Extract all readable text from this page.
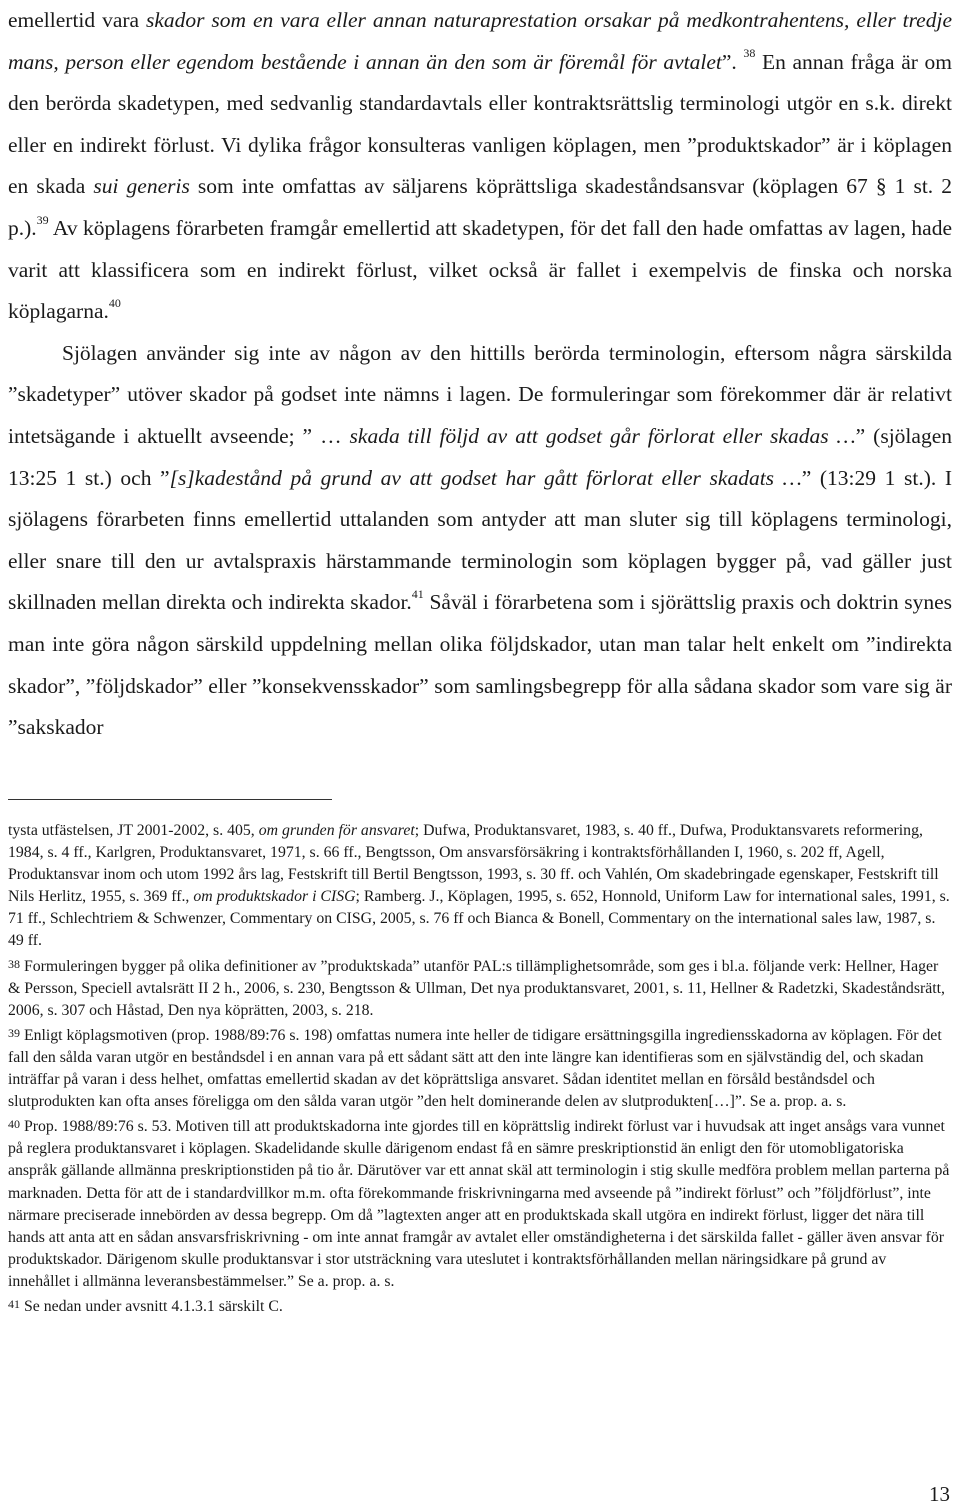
emellertid vara skador som en vara eller annan naturaprestation orsakar på medkontrahentens, eller tredje mans, person eller egendom bestående i annan än den som är föremål för avtalet”. $^{38}$ En annan fråga är om den berörda skadetypen, med sedvanlig standardavtals eller kontraktsrättslig terminologi utgör en s.k. direkt eller en indirekt förlust. Vi dylika frågor konsulteras vanligen köplagen, men ”produktskador” är i köplagen en skada sui generis som inte omfattas av säljarens köprättsliga skadeståndsansvar (köplagen 67 § 1 st. 2 p.).$^{39}$ Av köplagens förarbeten framgår emellertid att skadetypen, för det fall den hade omfattas av lagen, hade varit att klassificera som en indirekt förlust, vilket också är fallet i exempelvis de finska och norska köplagarna.$^{40}$

Sjölagen använder sig inte av någon av den hittills berörda terminologin, eftersom några särskilda ”skadetyper” utöver skador på godset inte nämns i lagen. De formuleringar som förekommer där är relativt intetsägande i aktuellt avseende; ” … skada till följd av att godset går förlorat eller skadas …” (sjölagen 13:25 1 st.) och ”[s]kadestånd på grund av att godset har gått förlorat eller skadats …” (13:29 1 st.). I sjölagens förarbeten finns emellertid uttalanden som antyder att man sluter sig till köplagens terminologi, eller snare till den ur avtalspraxis härstammande terminologin som köplagen bygger på, vad gäller just skillnaden mellan direkta och indirekta skador.$^{41}$ Såväl i förarbetena som i sjörättslig praxis och doktrin synes man inte göra någon särskild uppdelning mellan olika följdskador, utan man talar helt enkelt om ”indirekta skador”, ”följdskador” eller ”konsekvensskador” som samlingsbegrepp för alla sådana skador som vare sig är ”sakskador

tysta utfästelsen, JT 2001-2002, s. 405, om grunden för ansvaret; Dufwa, Produktansvaret, 1983, s. 40 ff., Dufwa, Produktansvarets reformering, 1984, s. 4 ff., Karlgren, Produktansvaret, 1971, s. 66 ff., Bengtsson, Om ansvarsförsäkring i kontraktsförhållanden I, 1960, s. 202 ff, Agell, Produktansvar inom och utom 1992 års lag, Festskrift till Bertil Bengtsson, 1993, s. 30 ff. och Vahlén, Om skadebringade egenskaper, Festskrift till Nils Herlitz, 1955, s. 369 ff., om produktskador i CISG; Ramberg. J., Köplagen, 1995, s. 652, Honnold, Uniform Law for international sales, 1991, s. 71 ff., Schlechtriem & Schwenzer, Commentary on CISG, 2005, s. 76 ff och Bianca & Bonell, Commentary on the international sales law, 1987, s. 49 ff.

38 Formuleringen bygger på olika definitioner av ”produktskada” utanför PAL:s tillämplighetsområde, som ges i bl.a. följande verk: Hellner, Hager & Persson, Speciell avtalsrätt II 2 h., 2006, s. 230, Bengtsson & Ullman, Det nya produktansvaret, 2001, s. 11, Hellner & Radetzki, Skadeståndsrätt, 2006, s. 307 och Håstad, Den nya köprätten, 2003, s. 218.

39 Enligt köplagsmotiven (prop. 1988/89:76 s. 198) omfattas numera inte heller de tidigare ersättningsgilla ingrediensskadorna av köplagen. För det fall den sålda varan utgör en beståndsdel i en annan vara på ett sådant sätt att den inte längre kan identifieras som en självständig del, och skadan inträffar på varan i dess helhet, omfattas emellertid skadan av det köprättsliga ansvaret. Sådan identitet mellan en försåld beståndsdel och slutprodukten kan ofta anses föreligga om den sålda varan utgör ”den helt dominerande delen av slutprodukten[…]”. Se a. prop. a. s.

40 Prop. 1988/89:76 s. 53. Motiven till att produktskadorna inte gjordes till en köprättslig indirekt förlust var i huvudsak att inget ansågs vara vunnet på reglera produktansvaret i köplagen. Skadelidande skulle därigenom endast få en sämre preskriptionstid än enligt den för utomobligatoriska anspråk gällande allmänna preskriptionstiden på tio år. Därutöver var ett annat skäl att terminologin i stig skulle medföra problem mellan parterna på marknaden. Detta för att de i standardvillkor m.m. ofta förekommande friskrivningarna med avseende på ”indirekt förlust” och ”följdförlust”, inte närmare preciserade innebörden av dessa begrepp. Om då ”lagtexten anger att en produktskada skall utgöra en indirekt förlust, ligger det nära till hands att anta att en sådan ansvarsfriskrivning - om inte annat framgår av avtalet eller omständigheterna i det särskilda fallet - gäller även ansvar för produktskador. Därigenom skulle produktansvar i stor utsträckning vara uteslutet i kontraktsförhållanden mellan näringsidkare på grund av innehållet i allmänna leveransbestämmelser.” Se a. prop. a. s.

41 Se nedan under avsnitt 4.1.3.1 särskilt C.

13
